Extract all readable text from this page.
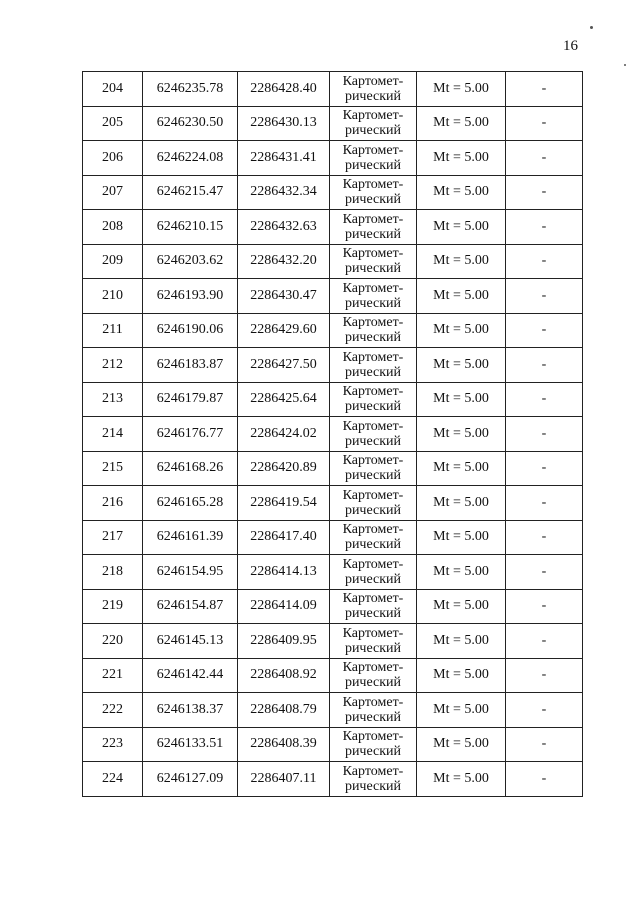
16
204	6246235.78	2286428.40	Картомет-
рический	Mt = 5.00	-
205	6246230.50	2286430.13	Картомет-
рический	Mt = 5.00	-
206	6246224.08	2286431.41	Картомет-
рический	Mt = 5.00	-
207	6246215.47	2286432.34	Картомет-
рический	Mt = 5.00	-
208	6246210.15	2286432.63	Картомет-
рический	Mt = 5.00	-
209	6246203.62	2286432.20	Картомет-
рический	Mt = 5.00	-
210	6246193.90	2286430.47	Картомет-
рический	Mt = 5.00	-
211	6246190.06	2286429.60	Картомет-
рический	Mt = 5.00	-
212	6246183.87	2286427.50	Картомет-
рический	Mt = 5.00	-
213	6246179.87	2286425.64	Картомет-
рический	Mt = 5.00	-
214	6246176.77	2286424.02	Картомет-
рический	Mt = 5.00	-
215	6246168.26	2286420.89	Картомет-
рический	Mt = 5.00	-
216	6246165.28	2286419.54	Картомет-
рический	Mt = 5.00	-
217	6246161.39	2286417.40	Картомет-
рический	Mt = 5.00	-
218	6246154.95	2286414.13	Картомет-
рический	Mt = 5.00	-
219	6246154.87	2286414.09	Картомет-
рический	Mt = 5.00	-
220	6246145.13	2286409.95	Картомет-
рический	Mt = 5.00	-
221	6246142.44	2286408.92	Картомет-
рический	Mt = 5.00	-
222	6246138.37	2286408.79	Картомет-
рический	Mt = 5.00	-
223	6246133.51	2286408.39	Картомет-
рический	Mt = 5.00	-
224	6246127.09	2286407.11	Картомет-
рический	Mt = 5.00	-
